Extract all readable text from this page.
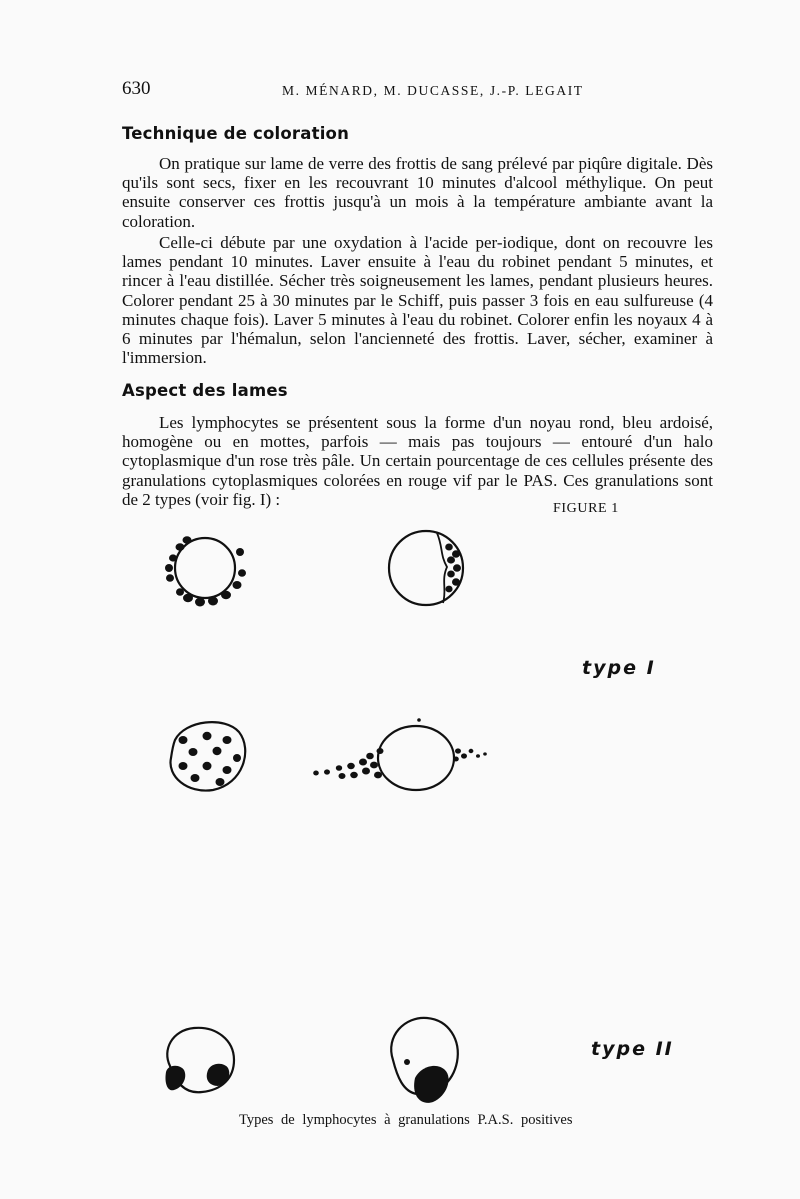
630	M. MÉNARD, M. DUCASSE, J.-P. LEGAIT
Technique de coloration

On pratique sur lame de verre des frottis de sang prélevé par piqûre digitale. Dès qu'ils sont secs, fixer en les recouvrant 10 minutes d'alcool méthylique. On peut ensuite conserver ces frottis jusqu'à un mois à la température ambiante avant la coloration.

Celle-ci débute par une oxydation à l'acide per-iodique, dont on recouvre les lames pendant 10 minutes. Laver ensuite à l'eau du robinet pendant 5 minutes, et rincer à l'eau distillée. Sécher très soigneusement les lames, pendant plusieurs heures. Colorer pendant 25 à 30 minutes par le Schiff, puis passer 3 fois en eau sulfureuse (4 minutes chaque fois). Laver 5 minutes à l'eau du robinet. Colorer enfin les noyaux 4 à 6 minutes par l'hémalun, selon l'ancienneté des frottis. Laver, sécher, examiner à l'immersion.

Aspect des lames

Les lymphocytes se présentent sous la forme d'un noyau rond, bleu ardoisé, homogène ou en mottes, parfois — mais pas toujours — entouré d'un halo cytoplasmique d'un rose très pâle. Un certain pourcentage de ces cellules présente des granulations cytoplasmiques colorées en rouge vif par le PAS. Ces granulations sont de 2 types (voir fig. I) :	FIGURE 1
type I
type II
Types de lymphocytes à granulations P.A.S. positives
